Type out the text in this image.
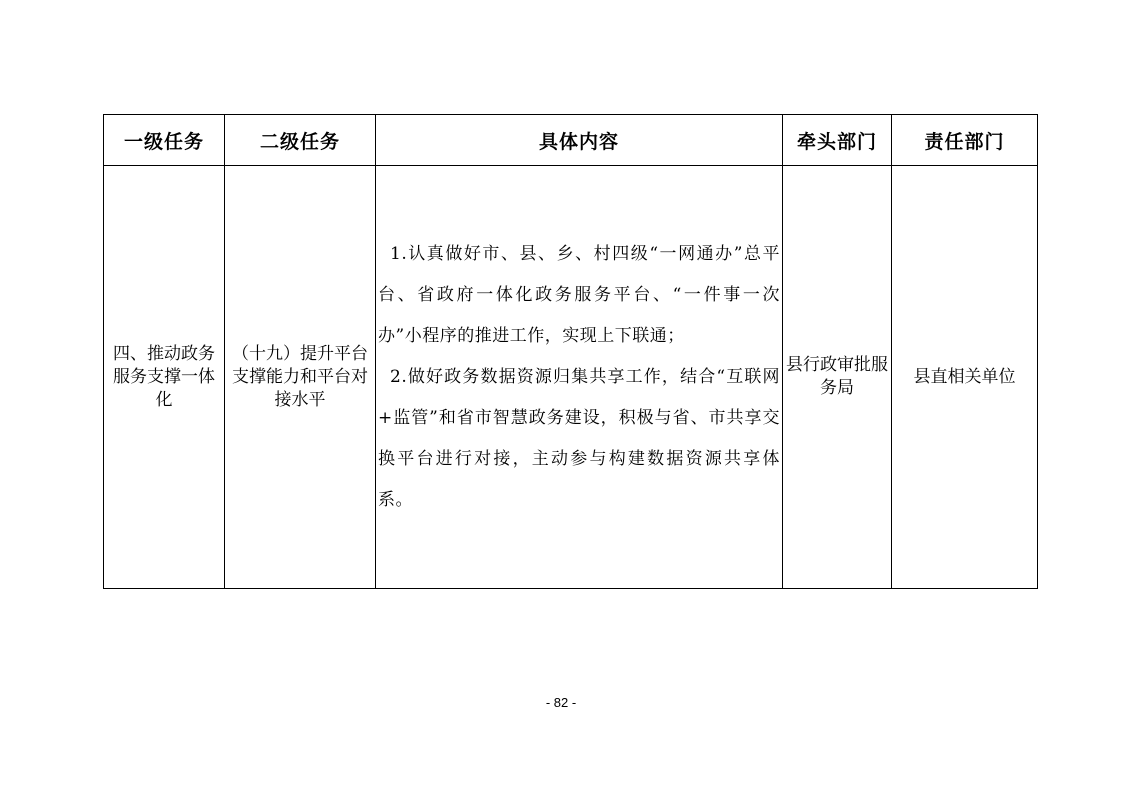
一级任务	二级任务	具体内容	牵头部门	责任部门

四、推动政务服务支撑一体化	（十九）提升平台支撑能力和平台对接水平	1.认真做好市、县、乡、村四级“一网通办”总平台、省政府一体化政务服务平台、“一件事一次办”小程序的推进工作，实现上下联通；
2.做好政务数据资源归集共享工作，结合“互联网+监管”和省市智慧政务建设，积极与省、市共享交换平台进行对接，主动参与构建数据资源共享体系。	县行政审批服务局	县直相关单位
- 82 -
